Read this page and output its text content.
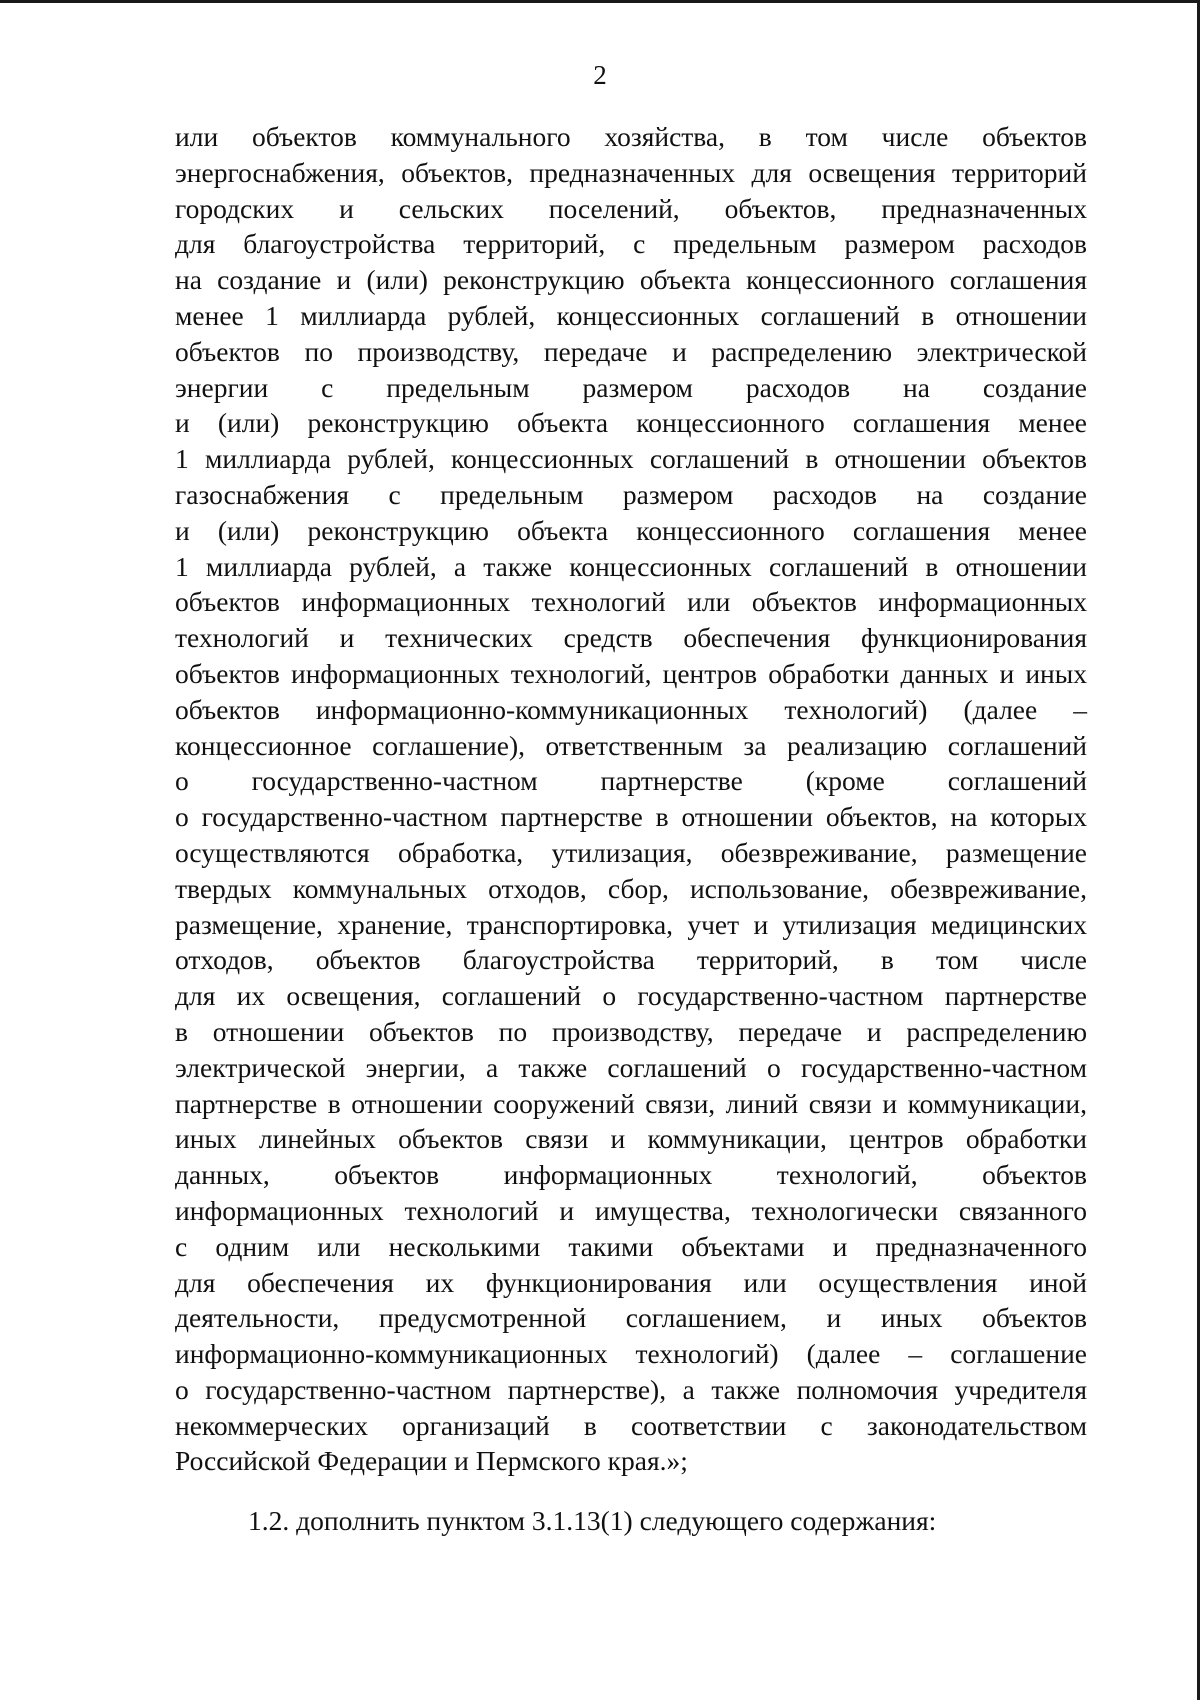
2
или объектов коммунального хозяйства, в том числе объектов
энергоснабжения, объектов, предназначенных для освещения территорий
городских и сельских поселений, объектов, предназначенных
для благоустройства территорий, с предельным размером расходов
на создание и (или) реконструкцию объекта концессионного соглашения
менее 1 миллиарда рублей, концессионных соглашений в отношении
объектов по производству, передаче и распределению электрической
энергии с предельным размером расходов на создание
и (или) реконструкцию объекта концессионного соглашения менее
1 миллиарда рублей, концессионных соглашений в отношении объектов
газоснабжения с предельным размером расходов на создание
и (или) реконструкцию объекта концессионного соглашения менее
1 миллиарда рублей, а также концессионных соглашений в отношении
объектов информационных технологий или объектов информационных
технологий и технических средств обеспечения функционирования
объектов информационных технологий, центров обработки данных и иных
объектов информационно-коммуникационных технологий) (далее –
концессионное соглашение), ответственным за реализацию соглашений
о государственно-частном партнерстве (кроме соглашений
о государственно-частном партнерстве в отношении объектов, на которых
осуществляются обработка, утилизация, обезвреживание, размещение
твердых коммунальных отходов, сбор, использование, обезвреживание,
размещение, хранение, транспортировка, учет и утилизация медицинских
отходов, объектов благоустройства территорий, в том числе
для их освещения, соглашений о государственно-частном партнерстве
в отношении объектов по производству, передаче и распределению
электрической энергии, а также соглашений о государственно-частном
партнерстве в отношении сооружений связи, линий связи и коммуникации,
иных линейных объектов связи и коммуникации, центров обработки
данных, объектов информационных технологий, объектов
информационных технологий и имущества, технологически связанного
с одним или несколькими такими объектами и предназначенного
для обеспечения их функционирования или осуществления иной
деятельности, предусмотренной соглашением, и иных объектов
информационно-коммуникационных технологий) (далее – соглашение
о государственно-частном партнерстве), а также полномочия учредителя
некоммерческих организаций в соответствии с законодательством
Российской Федерации и Пермского края.»;
1.2. дополнить пунктом 3.1.13(1) следующего содержания:
